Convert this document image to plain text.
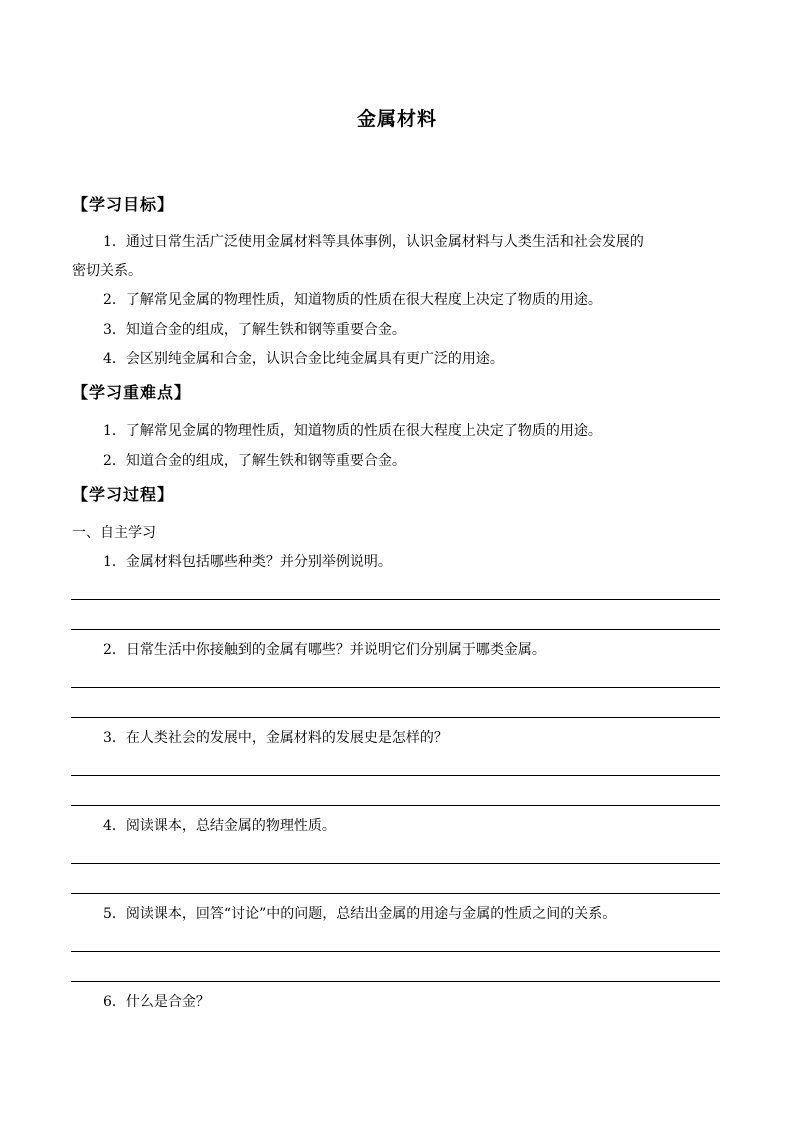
金属材料
【学习目标】
1．通过日常生活广泛使用金属材料等具体事例，认识金属材料与人类生活和社会发展的
密切关系。
2．了解常见金属的物理性质，知道物质的性质在很大程度上决定了物质的用途。
3．知道合金的组成，了解生铁和钢等重要合金。
4．会区别纯金属和合金，认识合金比纯金属具有更广泛的用途。
【学习重难点】
1．了解常见金属的物理性质，知道物质的性质在很大程度上决定了物质的用途。
2．知道合金的组成，了解生铁和钢等重要合金。
【学习过程】
一、自主学习
1．金属材料包括哪些种类？并分别举例说明。
2．日常生活中你接触到的金属有哪些？并说明它们分别属于哪类金属。
3．在人类社会的发展中，金属材料的发展史是怎样的？
4．阅读课本，总结金属的物理性质。
5．阅读课本，回答“讨论”中的问题，总结出金属的用途与金属的性质之间的关系。
6．什么是合金？
